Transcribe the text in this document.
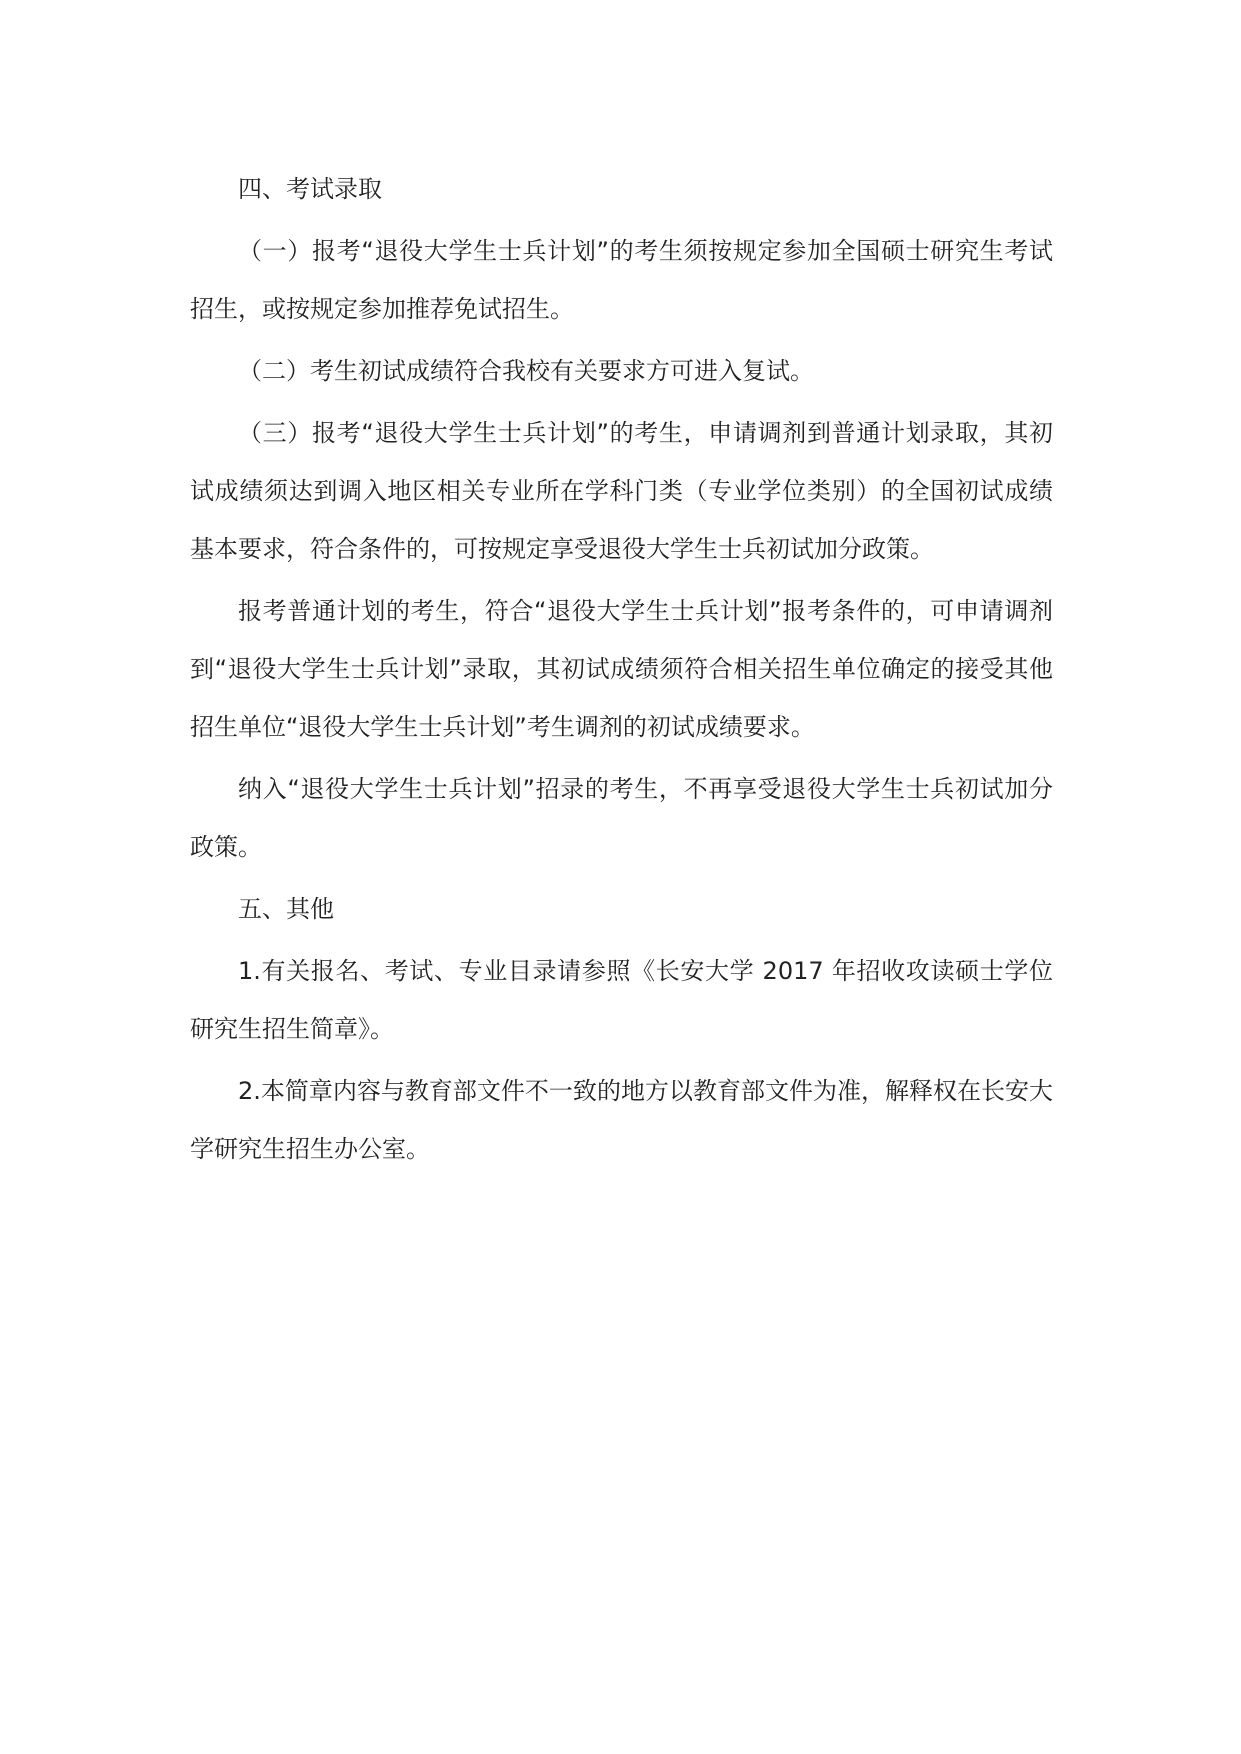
四、考试录取

（一）报考“退役大学生士兵计划”的考生须按规定参加全国硕士研究生考试招生，或按规定参加推荐免试招生。

（二）考生初试成绩符合我校有关要求方可进入复试。

（三）报考“退役大学生士兵计划”的考生，申请调剂到普通计划录取，其初试成绩须达到调入地区相关专业所在学科门类（专业学位类别）的全国初试成绩基本要求，符合条件的，可按规定享受退役大学生士兵初试加分政策。

报考普通计划的考生，符合“退役大学生士兵计划”报考条件的，可申请调剂到“退役大学生士兵计划”录取，其初试成绩须符合相关招生单位确定的接受其他招生单位“退役大学生士兵计划”考生调剂的初试成绩要求。

纳入“退役大学生士兵计划”招录的考生，不再享受退役大学生士兵初试加分政策。

五、其他

1.有关报名、考试、专业目录请参照《长安大学 2017 年招收攻读硕士学位研究生招生简章》。

2.本简章内容与教育部文件不一致的地方以教育部文件为准，解释权在长安大学研究生招生办公室。
